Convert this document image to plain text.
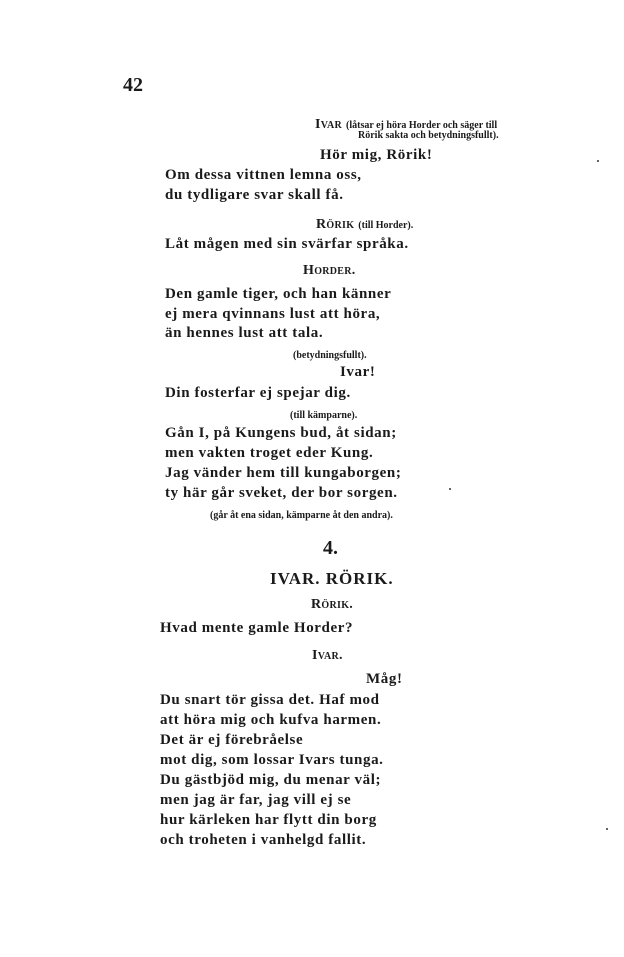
42
Ivar (låtsar ej höra Horder och säger till
Rörik sakta och betydningsfullt).
Hör mig, Rörik!
Om dessa vittnen lemna oss,
du tydligare svar skall få.
Rörik (till Horder).
Låt mågen med sin svärfar språka.
Horder.
Den gamle tiger, och han känner
ej mera qvinnans lust att höra,
än hennes lust att tala.
(betydningsfullt).
Ivar!
Din fosterfar ej spejar dig.
(till kämparne).
Gån I, på Kungens bud, åt sidan;
men vakten troget eder Kung.
Jag vänder hem till kungaborgen;
ty här går sveket, der bor sorgen.
(går åt ena sidan, kämparne åt den andra).
4.
IVAR. RÖRIK.
Rörik.
Hvad mente gamle Horder?
Ivar.
Måg!
Du snart tör gissa det. Haf mod
att höra mig och kufva harmen.
Det är ej förebråelse
mot dig, som lossar Ivars tunga.
Du gästbjöd mig, du menar väl;
men jag är far, jag vill ej se
hur kärleken har flytt din borg
och troheten i vanhelgd fallit.
